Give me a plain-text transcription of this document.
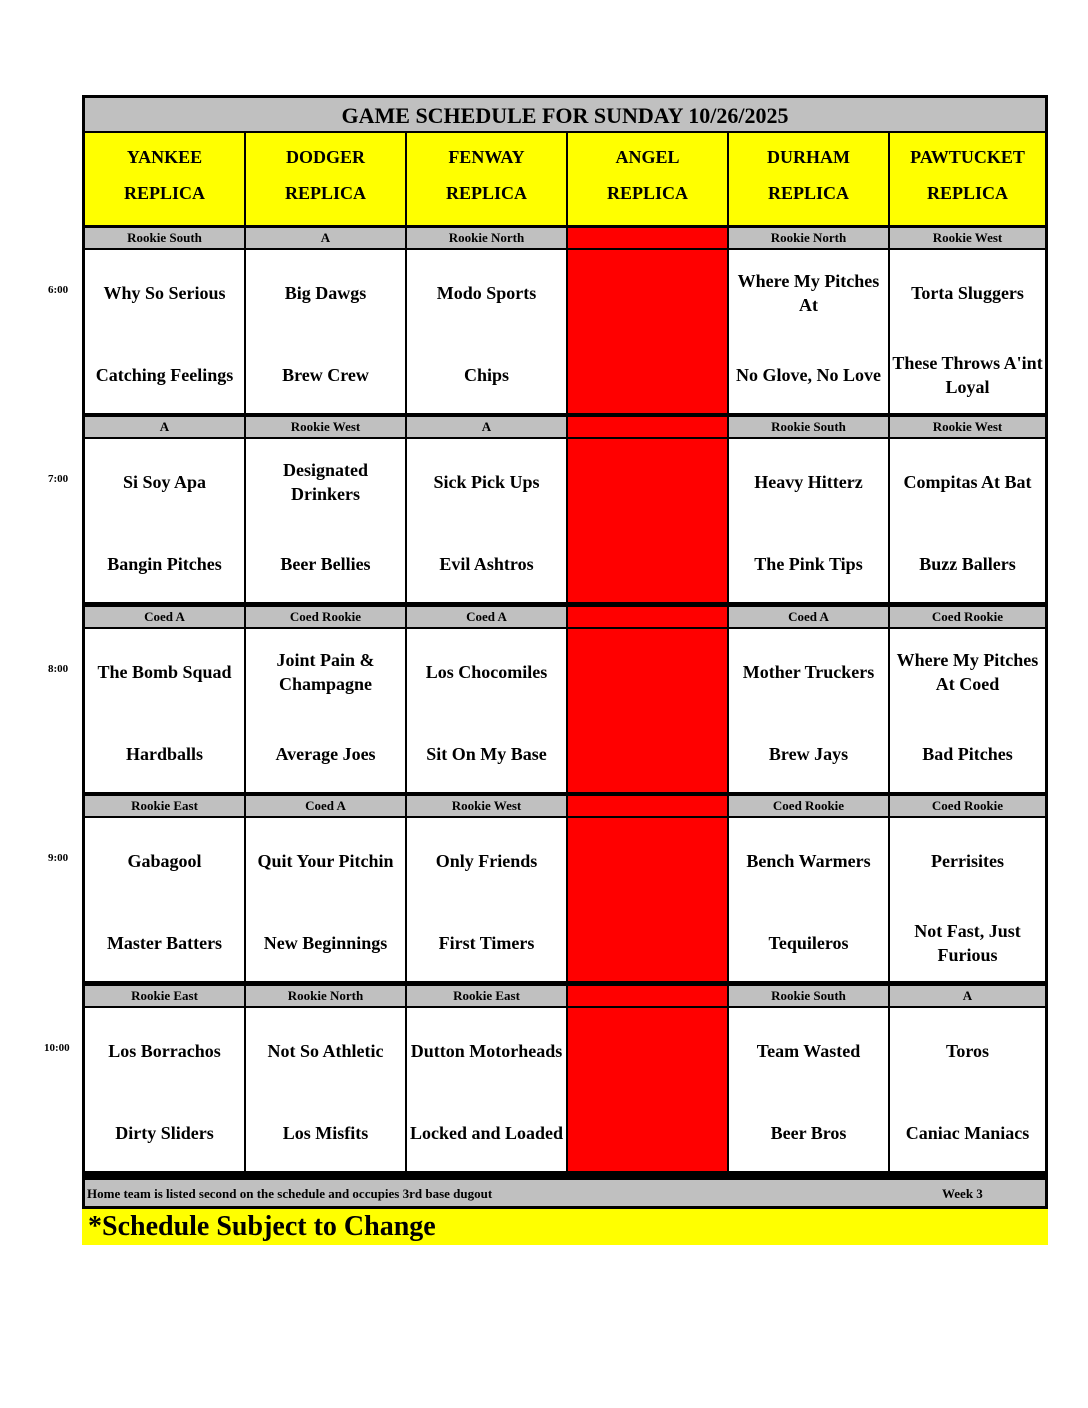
6:00
7:00
8:00
9:00
10:00
GAME SCHEDULE FOR SUNDAY 10/26/2025
YANKEE
REPLICA
DODGER
REPLICA
FENWAY
REPLICA
ANGEL
REPLICA
DURHAM
REPLICA
PAWTUCKET
REPLICA
Rookie South
Why So Serious
Catching Feelings
A
Big Dawgs
Brew Crew
Rookie North
Modo Sports
Chips
Rookie North
Where My Pitches At
No Glove, No Love
Rookie West
Torta Sluggers
These Throws A'int Loyal
A
Si Soy Apa
Bangin Pitches
Rookie West
Designated Drinkers
Beer Bellies
A
Sick Pick Ups
Evil Ashtros
Rookie South
Heavy Hitterz
The Pink Tips
Rookie West
Compitas At Bat
Buzz Ballers
Coed A
The Bomb Squad
Hardballs
Coed Rookie
Joint Pain & Champagne
Average Joes
Coed A
Los Chocomiles
Sit On My Base
Coed A
Mother Truckers
Brew Jays
Coed Rookie
Where My Pitches At Coed
Bad Pitches
Rookie East
Gabagool
Master Batters
Coed A
Quit Your Pitchin
New Beginnings
Rookie West
Only Friends
First Timers
Coed Rookie
Bench Warmers
Tequileros
Coed Rookie
Perrisites
Not Fast, Just Furious
Rookie East
Los Borrachos
Dirty Sliders
Rookie North
Not So Athletic
Los Misfits
Rookie East
Dutton Motorheads
Locked and Loaded
Rookie South
Team Wasted
Beer Bros
A
Toros
Caniac Maniacs
Home team is listed second on the schedule and occupies 3rd base dugout	Week 3
*Schedule Subject to Change
